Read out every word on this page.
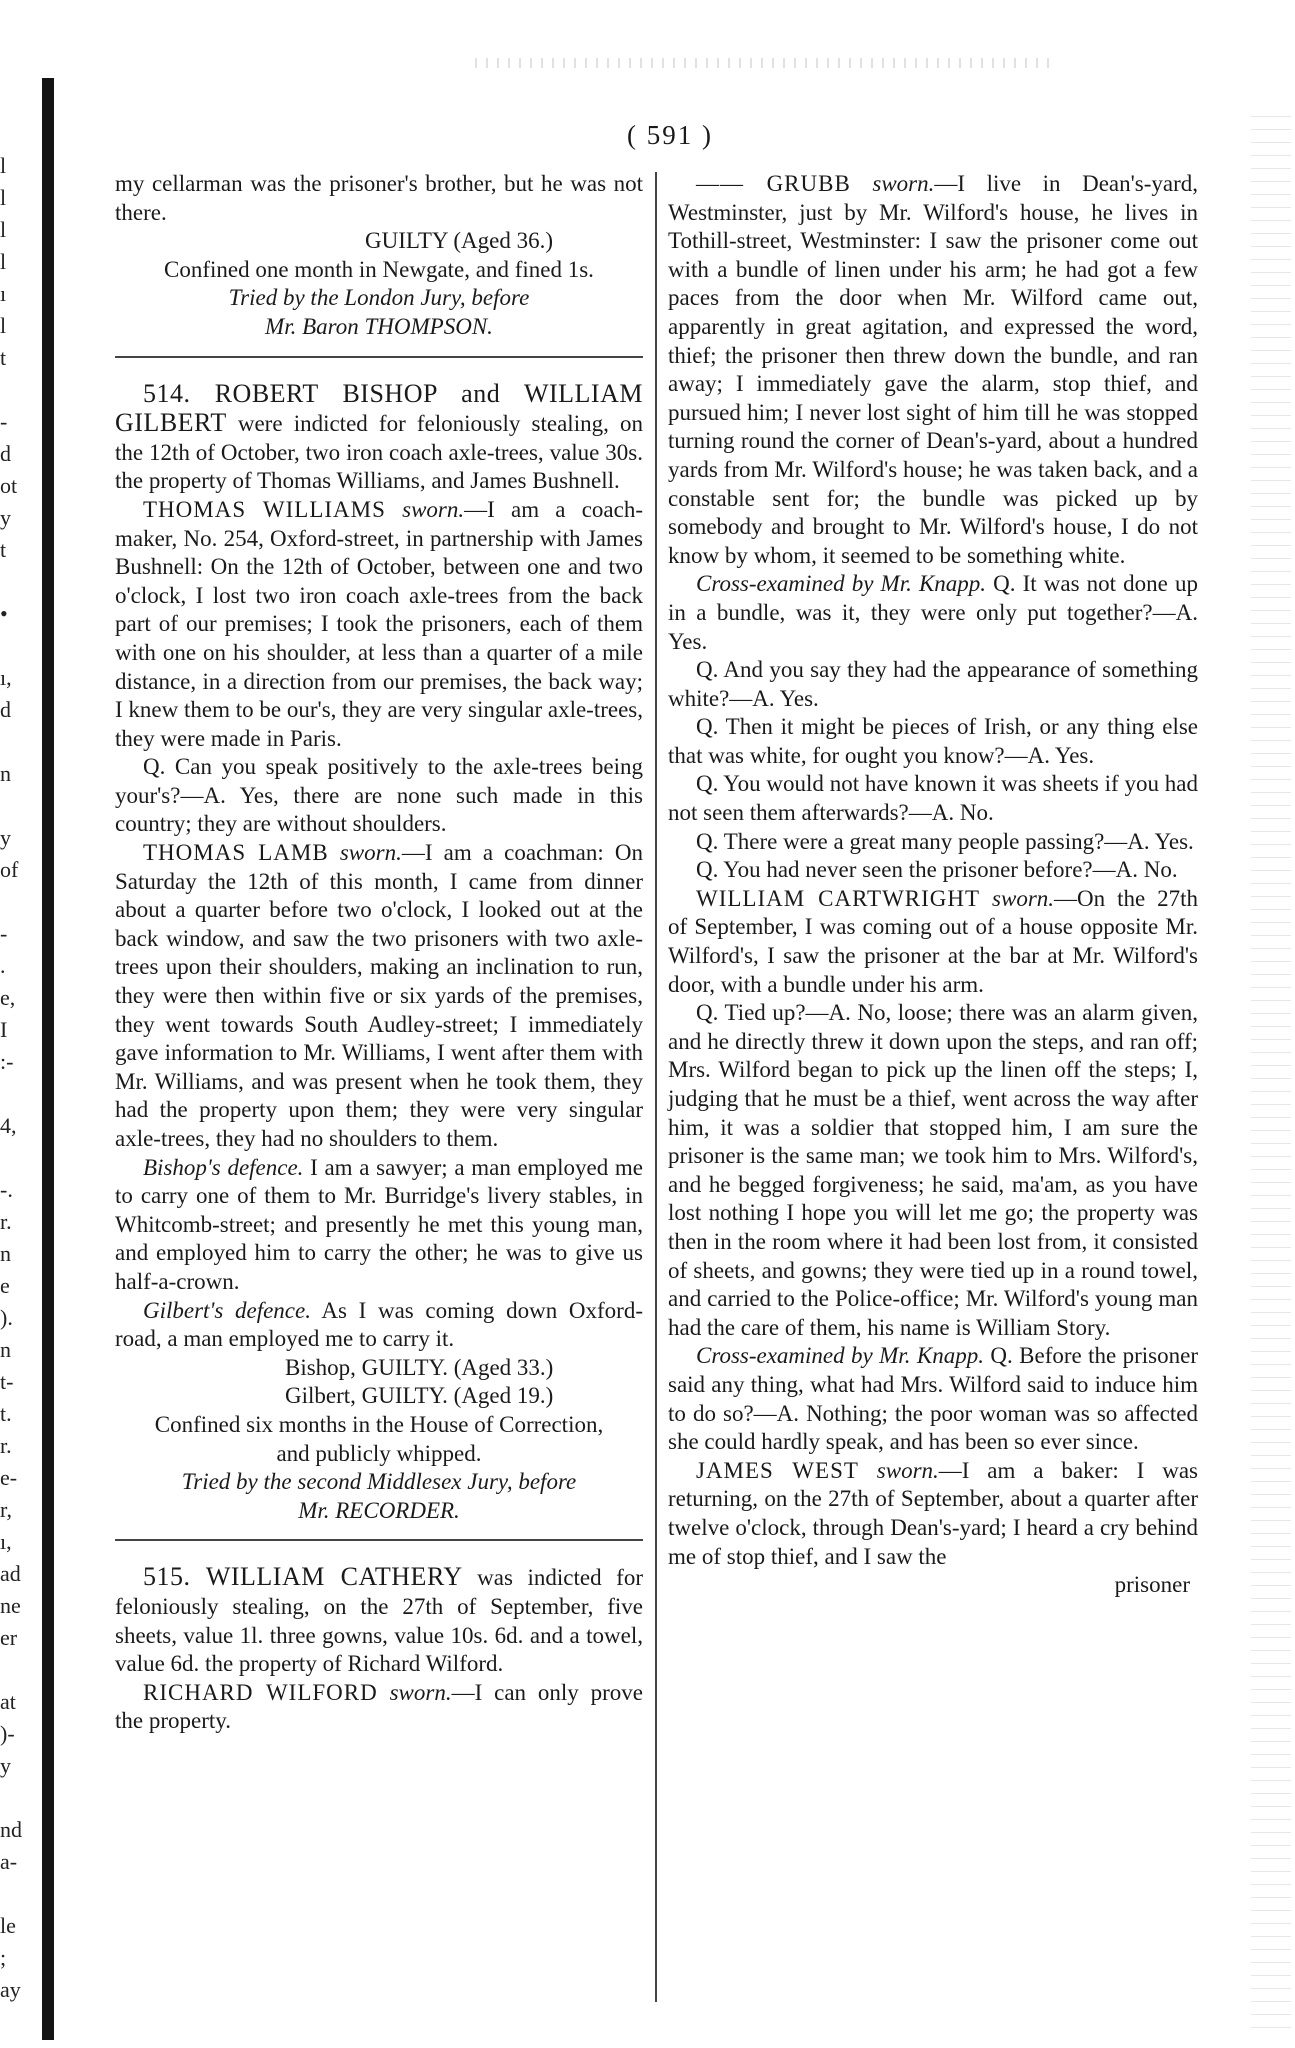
l
l
l
l
ı
l
t
-
d
ot
y
t
•
ı,
d
n
y
of
-
.
e,
I
:-
4,
-.
r.
n
e
).
n
t-
t.
r.
e-
r,
ı,
ad
ne
er
at
)-
y
nd
a-
le
;
ay
( 591 )

my cellarman was the prisoner's brother, but he was not there.

GUILTY (Aged 36.)

Confined one month in Newgate, and fined 1s.

Tried by the London Jury, before

Mr. Baron THOMPSON.

514. ROBERT BISHOP and WILLIAM GILBERT were indicted for feloniously stealing, on the 12th of October, two iron coach axle-trees, value 30s. the property of Thomas Williams, and James Bushnell.

THOMAS WILLIAMS sworn.—I am a coach-maker, No. 254, Oxford-street, in partnership with James Bushnell: On the 12th of October, between one and two o'clock, I lost two iron coach axle-trees from the back part of our premises; I took the prisoners, each of them with one on his shoulder, at less than a quarter of a mile distance, in a direction from our premises, the back way; I knew them to be our's, they are very singular axle-trees, they were made in Paris.

Q. Can you speak positively to the axle-trees being your's?—A. Yes, there are none such made in this country; they are without shoulders.

THOMAS LAMB sworn.—I am a coachman: On Saturday the 12th of this month, I came from dinner about a quarter before two o'clock, I looked out at the back window, and saw the two prisoners with two axle-trees upon their shoulders, making an inclination to run, they were then within five or six yards of the premises, they went towards South Audley-street; I immediately gave information to Mr. Williams, I went after them with Mr. Williams, and was present when he took them, they had the property upon them; they were very singular axle-trees, they had no shoulders to them.

Bishop's defence. I am a sawyer; a man employed me to carry one of them to Mr. Burridge's livery stables, in Whitcomb-street; and presently he met this young man, and employed him to carry the other; he was to give us half-a-crown.

Gilbert's defence. As I was coming down Oxford-road, a man employed me to carry it.

Bishop, GUILTY. (Aged 33.)

Gilbert, GUILTY. (Aged 19.)

Confined six months in the House of Correction,

and publicly whipped.

Tried by the second Middlesex Jury, before

Mr. RECORDER.

515. WILLIAM CATHERY was indicted for feloniously stealing, on the 27th of September, five sheets, value 1l. three gowns, value 10s. 6d. and a towel, value 6d. the property of Richard Wilford.

RICHARD WILFORD sworn.—I can only prove the property.

—— GRUBB sworn.—I live in Dean's-yard, Westminster, just by Mr. Wilford's house, he lives in Tothill-street, Westminster: I saw the prisoner come out with a bundle of linen under his arm; he had got a few paces from the door when Mr. Wilford came out, apparently in great agitation, and expressed the word, thief; the prisoner then threw down the bundle, and ran away; I immediately gave the alarm, stop thief, and pursued him; I never lost sight of him till he was stopped turning round the corner of Dean's-yard, about a hundred yards from Mr. Wilford's house; he was taken back, and a constable sent for; the bundle was picked up by somebody and brought to Mr. Wilford's house, I do not know by whom, it seemed to be something white.

Cross-examined by Mr. Knapp. Q. It was not done up in a bundle, was it, they were only put together?—A. Yes.

Q. And you say they had the appearance of something white?—A. Yes.

Q. Then it might be pieces of Irish, or any thing else that was white, for ought you know?—A. Yes.

Q. You would not have known it was sheets if you had not seen them afterwards?—A. No.

Q. There were a great many people passing?—A. Yes.

Q. You had never seen the prisoner before?—A. No.

WILLIAM CARTWRIGHT sworn.—On the 27th of September, I was coming out of a house opposite Mr. Wilford's, I saw the prisoner at the bar at Mr. Wilford's door, with a bundle under his arm.

Q. Tied up?—A. No, loose; there was an alarm given, and he directly threw it down upon the steps, and ran off; Mrs. Wilford began to pick up the linen off the steps; I, judging that he must be a thief, went across the way after him, it was a soldier that stopped him, I am sure the prisoner is the same man; we took him to Mrs. Wilford's, and he begged forgiveness; he said, ma'am, as you have lost nothing I hope you will let me go; the property was then in the room where it had been lost from, it consisted of sheets, and gowns; they were tied up in a round towel, and carried to the Police-office; Mr. Wilford's young man had the care of them, his name is William Story.

Cross-examined by Mr. Knapp. Q. Before the prisoner said any thing, what had Mrs. Wilford said to induce him to do so?—A. Nothing; the poor woman was so affected she could hardly speak, and has been so ever since.

JAMES WEST sworn.—I am a baker: I was returning, on the 27th of September, about a quarter after twelve o'clock, through Dean's-yard; I heard a cry behind me of stop thief, and I saw the

prisoner
